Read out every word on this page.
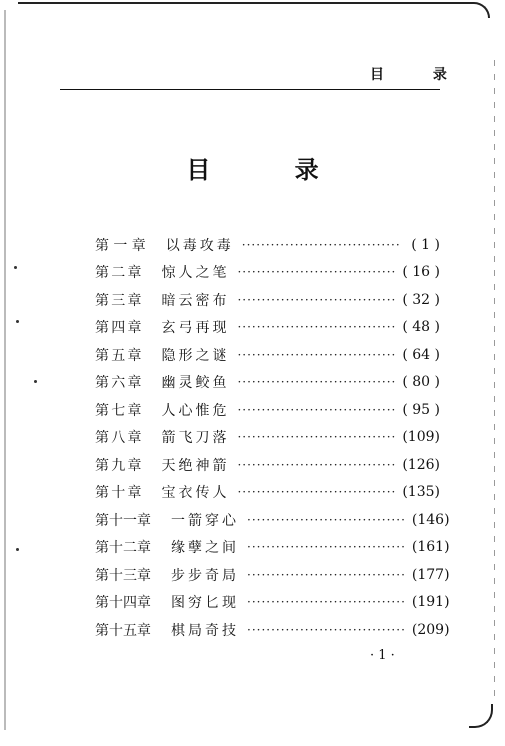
目 录
目 录
第 一 章 以毒攻毒 ································· ( 1 )
第 二 章 惊人之笔 ································· ( 16 )
第 三 章 暗云密布 ································· ( 32 )
第 四 章 玄弓再现 ································· ( 48 )
第 五 章 隐形之谜 ································· ( 64 )
第 六 章 幽灵鲛鱼 ································· ( 80 )
第 七 章 人心惟危 ································· ( 95 )
第 八 章 箭飞刀落 ································· (109)
第 九 章 天绝神箭 ································· (126)
第 十 章 宝衣传人 ································· (135)
第 十 一 章 一箭穿心 ································· (146)
第 十 二 章 缘孽之间 ································· (161)
第 十 三 章 步步奇局 ································· (177)
第 十 四 章 图穷匕现 ································· (191)
第 十 五 章 棋局奇技 ································· (209)
· 1 ·
